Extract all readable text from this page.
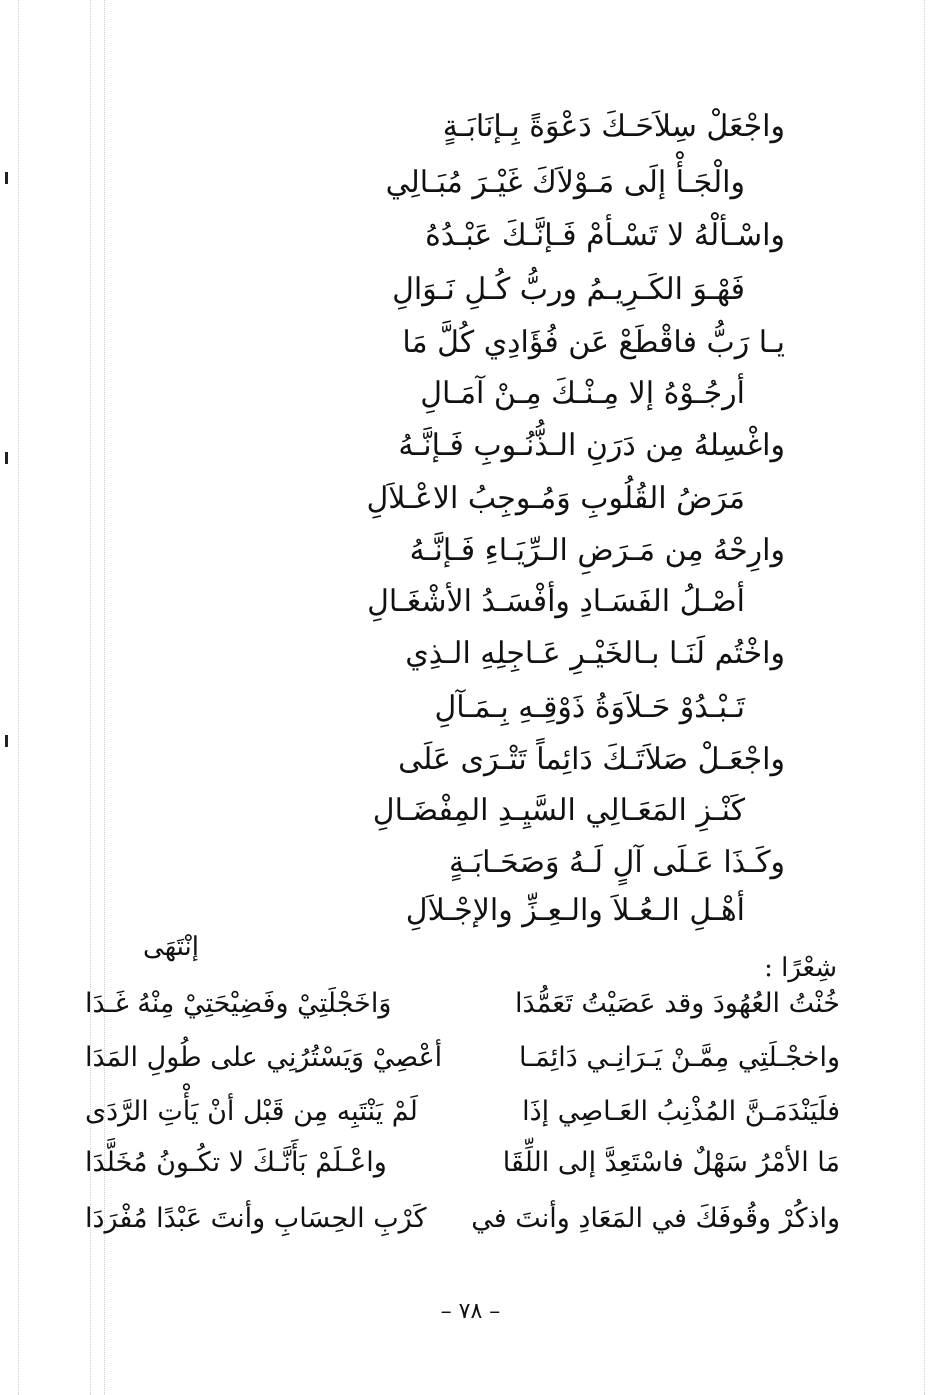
واجْعَلْ سِلاَحَـكَ دَعْوَةً بِـإنَابَـةٍ
والْجَـأْ إلَى مَـوْلاَكَ غَيْـرَ مُبَـالِي
واسْـألْهُ لا تَسْـأمْ فَـإنَّـكَ عَبْـدُهُ
فَهْـوَ الكَـرِيـمُ وربُّ كُـلِ نَـوَالِ
يـا رَبُّ فاقْطَعْ عَن فُؤَادِي كُلَّ مَا
أرجُـوْهُ إلا مِـنْـكَ مِـنْ آمَـالِ
واغْسِلهُ مِن دَرَنِ الـذُّنُـوبِ فَـإنَّـهُ
مَرَضُ القُلُوبِ وَمُـوجِبُ الاعْـلاَلِ
وارِحْهُ مِن مَـرَضِ الـرِّيَـاءِ فَـإنَّـهُ
أصْـلُ الفَسَـادِ وأفْسَـدُ الأشْغَـالِ
واخْتُم لَنَـا بـالخَيْـرِ عَـاجِلِهِ الـذِي
تَـبْـدُوْ حَـلاَوَةُ ذَوْقِـهِ بِـمَـآلِ
واجْعَـلْ صَلاَتَـكَ دَائِماً تَتْـرَى عَلَى
كَنْـزِ المَعَـالِي السَّيِـدِ المِفْضَـالِ
وكَـذَا عَـلَى آلٍ لَـهُ وَصَحَـابَـةٍ
أهْـلِ الـعُـلاَ والـعِـزِّ والإجْـلاَلِ
إنْتَهَى
شِعْرًا :
خُنْتُ العُهُودَ وقد عَصَيْتُ تَعَمُّدَا
وَاخَجْلَتِيْ وفَضِيْحَتِيْ مِنْهُ غَـدَا
واخجْـلَتِي مِمَّـنْ يَـرَانِـي دَائِمَـا
أعْصِيْ وَيَسْتُرُنِي على طُولِ المَدَا
فلَيَنْدَمَـنَّ المُذْنِبُ العَـاصِي إذَا
لَمْ يَنْتَبِه مِن قَبْل أنْ يَأْتِ الرَّدَى
مَا الأمْرُ سَهْلٌ فاسْتَعِدَّ إلى اللِّقَا
واعْـلَمْ بَأَنَّـكَ لا تكُـونُ مُخَلَّدَا
واذكُرْ وقُوفَكَ في المَعَادِ وأنتَ في
كَرْبِ الحِسَابِ وأنتَ عَبْدًا مُفْرَدَا
– ٧٨ –
